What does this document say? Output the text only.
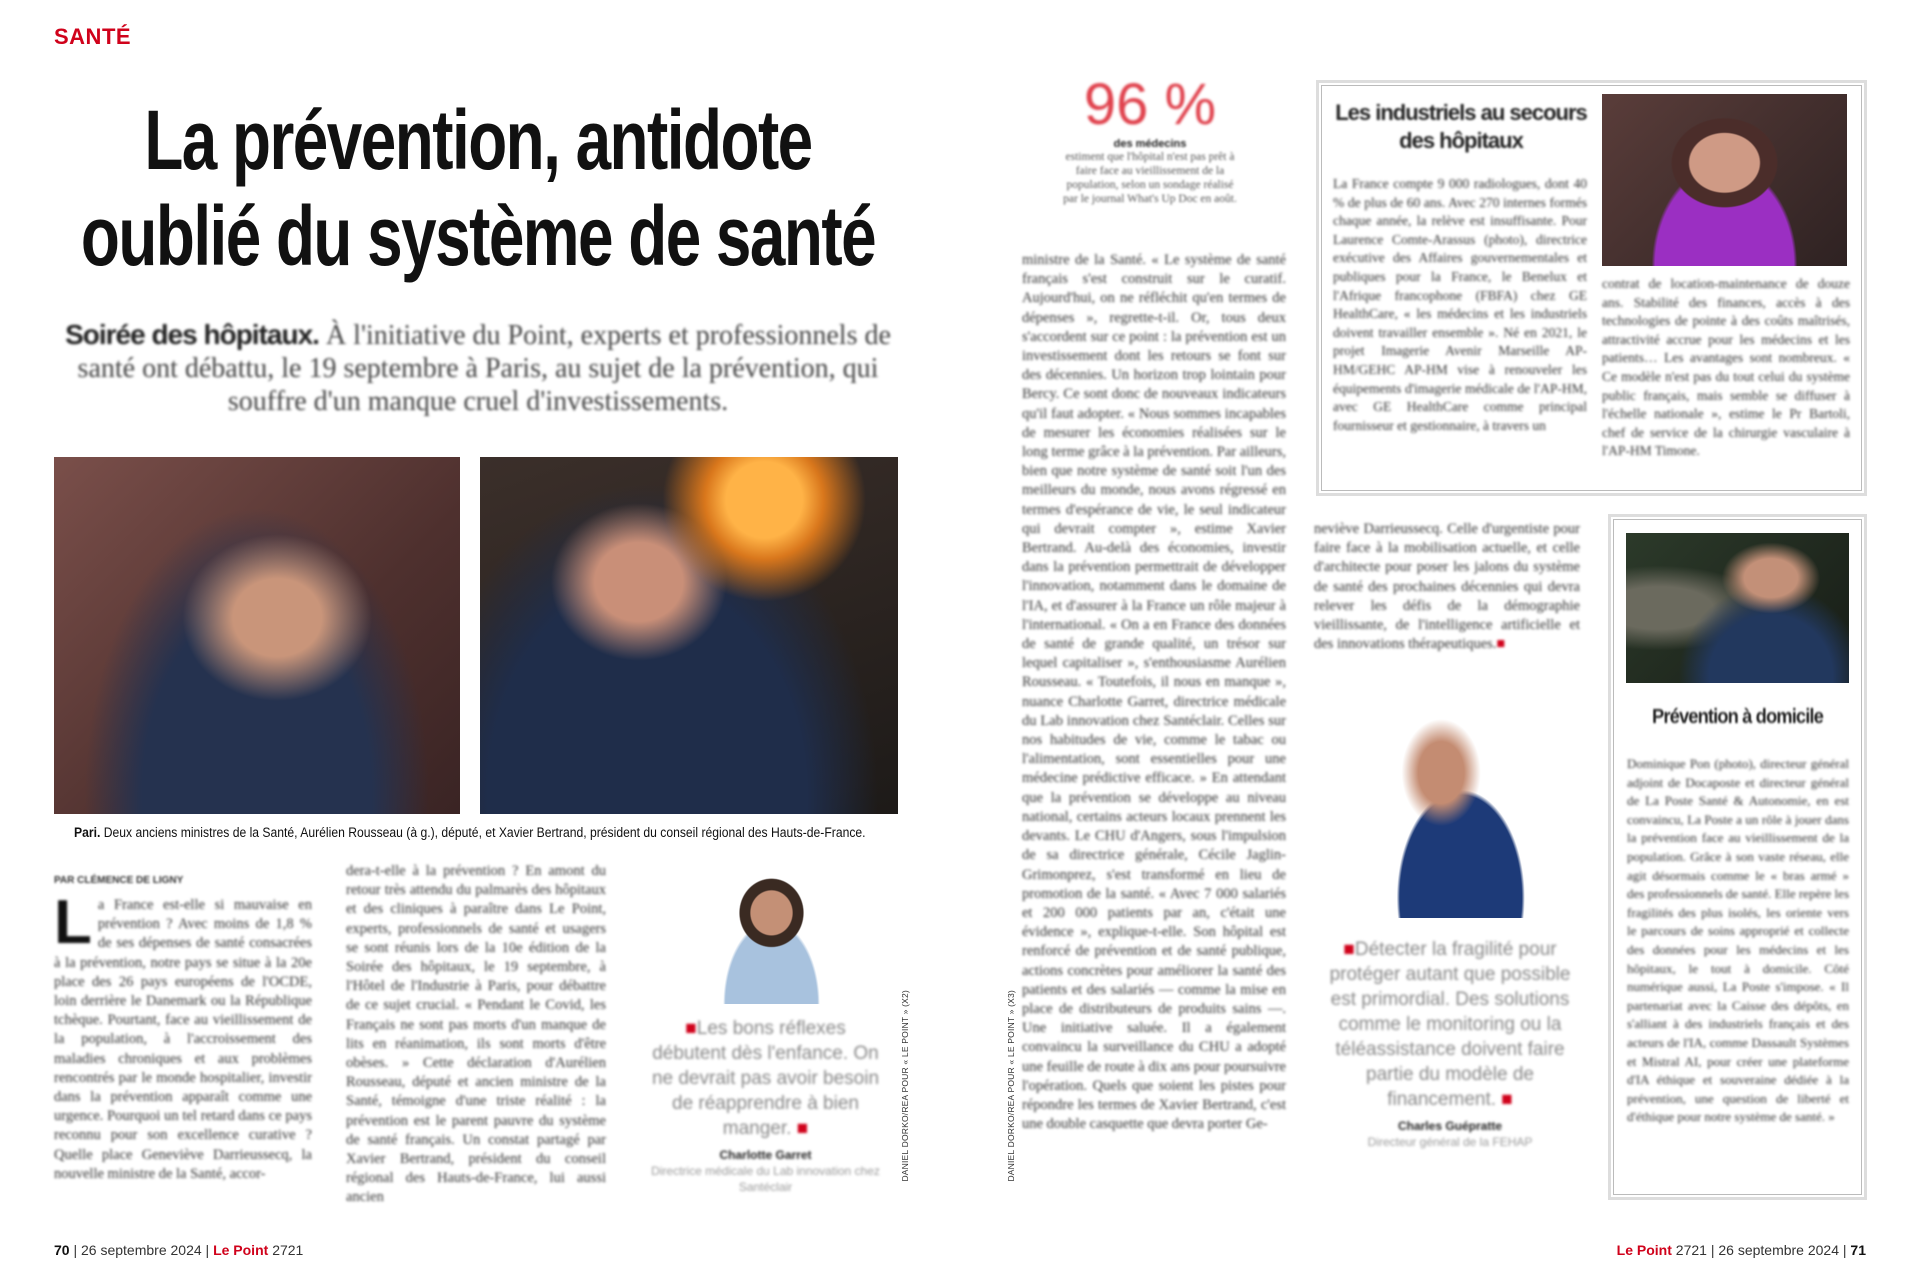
SANTÉ
La prévention, antidote
oublié du système de santé

Soirée des hôpitaux. À l'initiative du Point, experts et professionnels de santé ont débattu, le 19 septembre à Paris, au sujet de la prévention, qui souffre d'un manque cruel d'investissements.

Pari. Deux anciens ministres de la Santé, Aurélien Rousseau (à g.), député, et Xavier Bertrand, président du conseil régional des Hauts-de-France.

PAR CLÉMENCE DE LIGNY
La France est-elle si mauvaise en prévention ? Avec moins de 1,8 % de ses dépenses de santé consacrées à la prévention, notre pays se situe à la 20e place des 26 pays européens de l'OCDE, loin derrière le Danemark ou la République tchèque. Pourtant, face au vieillissement de la population, à l'accroissement des maladies chroniques et aux problèmes rencontrés par le monde hospitalier, investir dans la prévention apparaît comme une urgence. Pourquoi un tel retard dans ce pays reconnu pour son excellence curative ? Quelle place Geneviève Darrieussecq, la nouvelle ministre de la Santé, accor-
dera-t-elle à la prévention ? En amont du retour très attendu du palmarès des hôpitaux et des cliniques à paraître dans Le Point, experts, professionnels de santé et usagers se sont réunis lors de la 10e édition de la Soirée des hôpitaux, le 19 septembre, à l'Hôtel de l'Industrie à Paris, pour débattre de ce sujet crucial. « Pendant le Covid, les Français ne sont pas morts d'un manque de lits en réanimation, ils sont morts d'être obèses. » Cette déclaration d'Aurélien Rousseau, député et ancien ministre de la Santé, témoigne d'une triste réalité : la prévention est le parent pauvre du système de santé français. Un constat partagé par Xavier Bertrand, président du conseil régional des Hauts-de-France, lui aussi ancien
■Les bons réflexes débutent dès l'enfance. On ne devrait pas avoir besoin de réapprendre à bien manger. ■
Charlotte Garret
Directrice médicale du Lab innovation chez Santéclair
DANIEL DORKO/REA POUR « LE POINT » (X2)	DANIEL DORKO/REA POUR « LE POINT » (X3)
96 %
des médecins
estiment que l'hôpital n'est pas prêt à faire face au vieillissement de la population, selon un sondage réalisé par le journal What's Up Doc en août.
ministre de la Santé. « Le système de santé français s'est construit sur le curatif. Aujourd'hui, on ne réfléchit qu'en termes de dépenses », regrette-t-il. Or, tous deux s'accordent sur ce point : la prévention est un investissement dont les retours se font sur des décennies. Un horizon trop lointain pour Bercy. Ce sont donc de nouveaux indicateurs qu'il faut adopter. « Nous sommes incapables de mesurer les économies réalisées sur le long terme grâce à la prévention. Par ailleurs, bien que notre système de santé soit l'un des meilleurs du monde, nous avons régressé en termes d'espérance de vie, le seul indicateur qui devrait compter », estime Xavier Bertrand. Au-delà des économies, investir dans la prévention permettrait de développer l'innovation, notamment dans le domaine de l'IA, et d'assurer à la France un rôle majeur à l'international. « On a en France des données de santé de grande qualité, un trésor sur lequel capitaliser », s'enthousiasme Aurélien Rousseau. « Toutefois, il nous en manque », nuance Charlotte Garret, directrice médicale du Lab innovation chez Santéclair. Celles sur nos habitudes de vie, comme le tabac ou l'alimentation, sont essentielles pour une médecine prédictive efficace. » En attendant que la prévention se développe au niveau national, certains acteurs locaux prennent les devants. Le CHU d'Angers, sous l'impulsion de sa directrice générale, Cécile Jaglin-Grimonprez, s'est transformé en lieu de promotion de la santé. « Avec 7 000 salariés et 200 000 patients par an, c'était une évidence », explique-t-elle. Son hôpital est renforcé de prévention et de santé publique, actions concrètes pour améliorer la santé des patients et des salariés — comme la mise en place de distributeurs de produits sains —. Une initiative saluée. Il a également convaincu la surveillance du CHU a adopté une feuille de route à dix ans pour poursuivre l'opération. Quels que soient les pistes pour répondre les termes de Xavier Bertrand, c'est une double casquette que devra porter Ge-
Les industriels au secours des hôpitaux
La France compte 9 000 radiologues, dont 40 % de plus de 60 ans. Avec 270 internes formés chaque année, la relève est insuffisante. Pour Laurence Comte-Arassus (photo), directrice exécutive des Affaires gouvernementales et publiques pour la France, le Benelux et l'Afrique francophone (FBFA) chez GE HealthCare, « les médecins et les industriels doivent travailler ensemble ». Né en 2021, le projet Imagerie Avenir Marseille AP-HM/GEHC AP-HM vise à renouveler les équipements d'imagerie médicale de l'AP-HM, avec GE HealthCare comme principal fournisseur et gestionnaire, à travers un
contrat de location-maintenance de douze ans. Stabilité des finances, accès à des technologies de pointe à des coûts maîtrisés, attractivité accrue pour les médecins et les patients… Les avantages sont nombreux. « Ce modèle n'est pas du tout celui du système public français, mais semble se diffuser à l'échelle nationale », estime le Pr Bartoli, chef de service de la chirurgie vasculaire à l'AP-HM Timone.
neviève Darrieussecq. Celle d'urgentiste pour faire face à la mobilisation actuelle, et celle d'architecte pour poser les jalons du système de santé des prochaines décennies qui devra relever les défis de la démographie vieillissante, de l'intelligence artificielle et des innovations thérapeutiques.■
■Détecter la fragilité pour protéger autant que possible est primordial. Des solutions comme le monitoring ou la téléassistance doivent faire partie du modèle de financement. ■
Charles Guépratte
Directeur général de la FEHAP
Prévention à domicile
Dominique Pon (photo), directeur général adjoint de Docaposte et directeur général de La Poste Santé & Autonomie, en est convaincu, La Poste a un rôle à jouer dans la prévention face au vieillissement de la population. Grâce à son vaste réseau, elle agit désormais comme le « bras armé » des professionnels de santé. Elle repère les fragilités des plus isolés, les oriente vers le parcours de soins approprié et collecte des données pour les médecins et les hôpitaux, le tout à domicile. Côté numérique aussi, La Poste s'impose. « Il partenariat avec la Caisse des dépôts, en s'alliant à des industriels français et des acteurs de l'IA, comme Dassault Systèmes et Mistral AI, pour créer une plateforme d'IA éthique et souveraine dédiée à la prévention, une question de liberté et d'éthique pour notre système de santé. »
70 | 26 septembre 2024 | Le Point 2721	Le Point 2721 | 26 septembre 2024 | 71
